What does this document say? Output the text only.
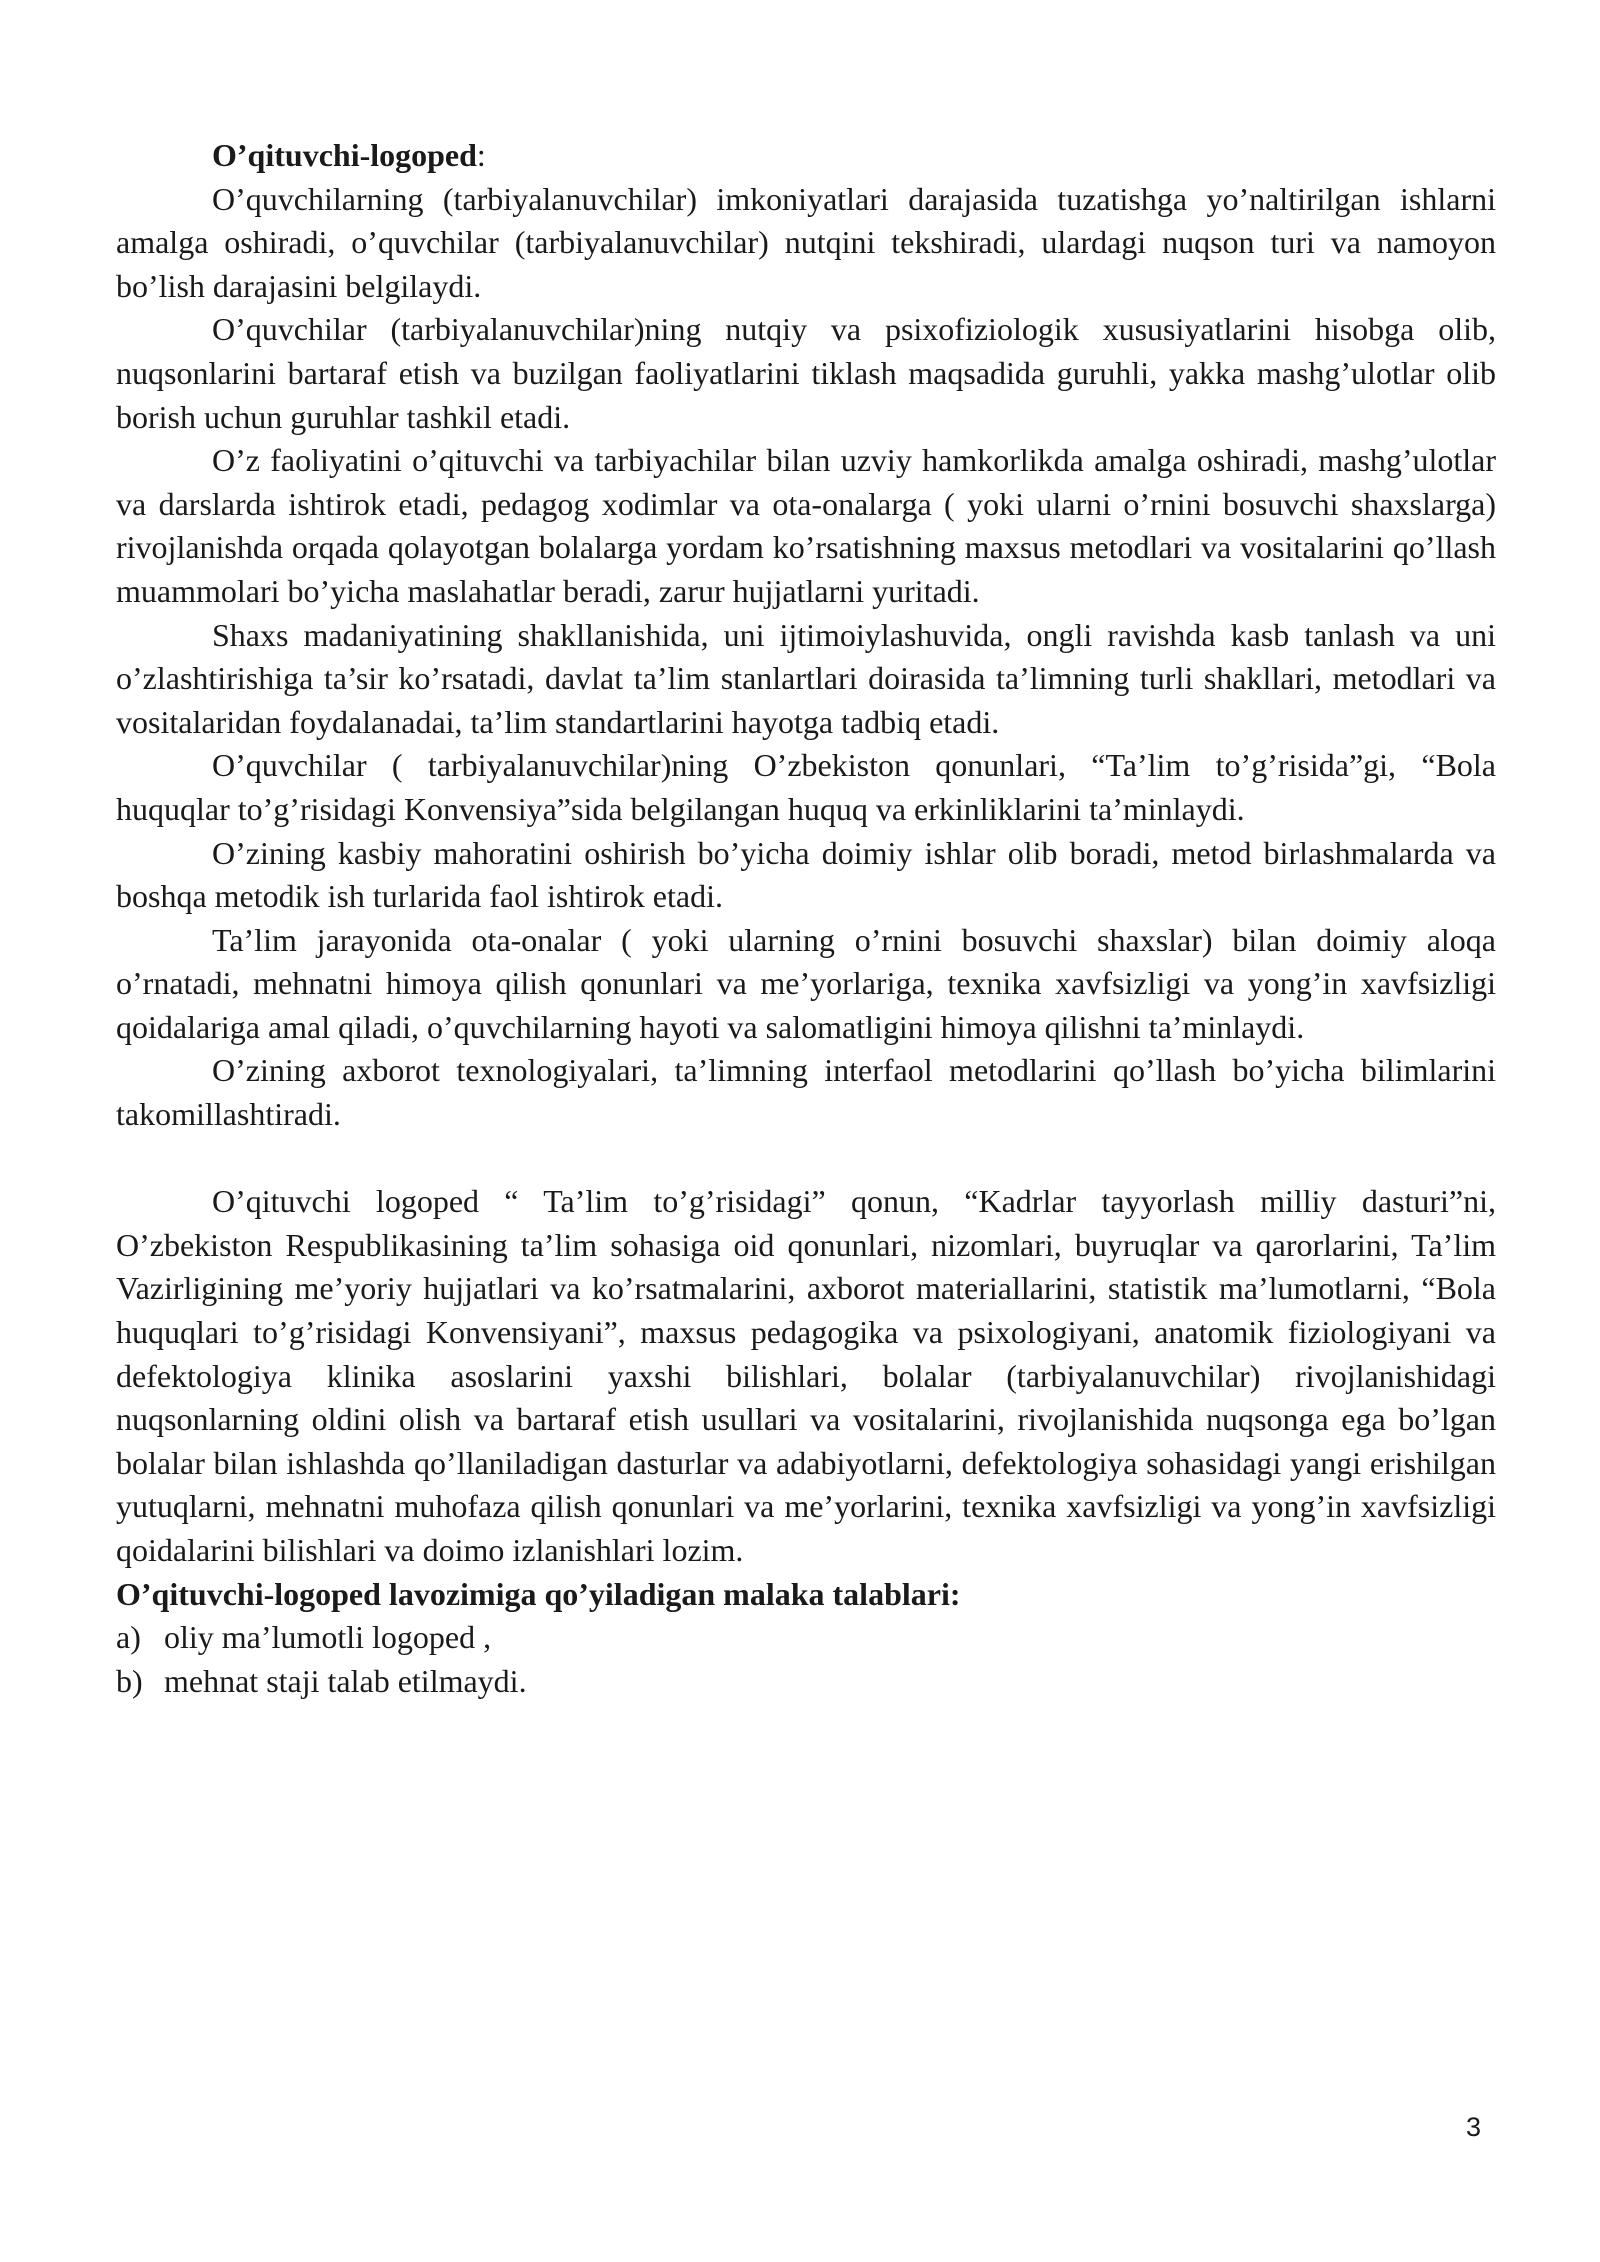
O’qituvchi-logoped:

O’quvchilarning (tarbiyalanuvchilar) imkoniyatlari darajasida tuzatishga yo’naltirilgan ishlarni amalga oshiradi, o’quvchilar (tarbiyalanuvchilar) nutqini tekshiradi, ulardagi nuqson turi va namoyon bo’lish darajasini belgilaydi.

O’quvchilar (tarbiyalanuvchilar)ning nutqiy va psixofiziologik xususiyatlarini hisobga olib, nuqsonlarini bartaraf etish va buzilgan faoliyatlarini tiklash maqsadida guruhli, yakka mashg’ulotlar olib borish uchun guruhlar tashkil etadi.

O’z faoliyatini o’qituvchi va tarbiyachilar bilan uzviy hamkorlikda amalga oshiradi, mashg’ulotlar va darslarda ishtirok etadi, pedagog xodimlar va ota-onalarga ( yoki ularni o’rnini bosuvchi shaxslarga) rivojlanishda orqada qolayotgan bolalarga yordam ko’rsatishning maxsus metodlari va vositalarini qo’llash muammolari bo’yicha maslahatlar beradi, zarur hujjatlarni yuritadi.

Shaxs madaniyatining shakllanishida, uni ijtimoiylashuvida, ongli ravishda kasb tanlash va uni o’zlashtirishiga ta’sir ko’rsatadi, davlat ta’lim stanlartlari doirasida ta’limning turli shakllari, metodlari va vositalaridan foydalanadai, ta’lim standartlarini hayotga tadbiq etadi.

O’quvchilar ( tarbiyalanuvchilar)ning O’zbekiston qonunlari, “Ta’lim to’g’risida”gi, “Bola huquqlar to’g’risidagi Konvensiya”sida belgilangan huquq va erkinliklarini ta’minlaydi.

O’zining kasbiy mahoratini oshirish bo’yicha doimiy ishlar olib boradi, metod birlashmalarda va boshqa metodik ish turlarida faol ishtirok etadi.

Ta’lim jarayonida ota-onalar ( yoki ularning o’rnini bosuvchi shaxslar) bilan doimiy aloqa o’rnatadi, mehnatni himoya qilish qonunlari va me’yorlariga, texnika xavfsizligi va yong’in xavfsizligi qoidalariga amal qiladi, o’quvchilarning hayoti va salomatligini himoya qilishni ta’minlaydi.

O’zining axborot texnologiyalari, ta’limning interfaol metodlarini qo’llash bo’yicha bilimlarini takomillashtiradi.

O’qituvchi logoped “ Ta’lim to’g’risidagi” qonun, “Kadrlar tayyorlash milliy dasturi”ni, O’zbekiston Respublikasining ta’lim sohasiga oid qonunlari, nizomlari, buyruqlar va qarorlarini, Ta’lim Vazirligining me’yoriy hujjatlari va ko’rsatmalarini, axborot materiallarini, statistik ma’lumotlarni, “Bola huquqlari to’g’risidagi Konvensiyani”, maxsus pedagogika va psixologiyani, anatomik fiziologiyani va defektologiya klinika asoslarini yaxshi bilishlari, bolalar (tarbiyalanuvchilar) rivojlanishidagi nuqsonlarning oldini olish va bartaraf etish usullari va vositalarini, rivojlanishida nuqsonga ega bo’lgan bolalar bilan ishlashda qo’llaniladigan dasturlar va adabiyotlarni, defektologiya sohasidagi yangi erishilgan yutuqlarni, mehnatni muhofaza qilish qonunlari va me’yorlarini, texnika xavfsizligi va yong’in xavfsizligi qoidalarini bilishlari va doimo izlanishlari lozim.

O’qituvchi-logoped lavozimiga qo’yiladigan malaka talablari:

a) oliy ma’lumotli logoped ,
b) mehnat staji talab etilmaydi.
3
